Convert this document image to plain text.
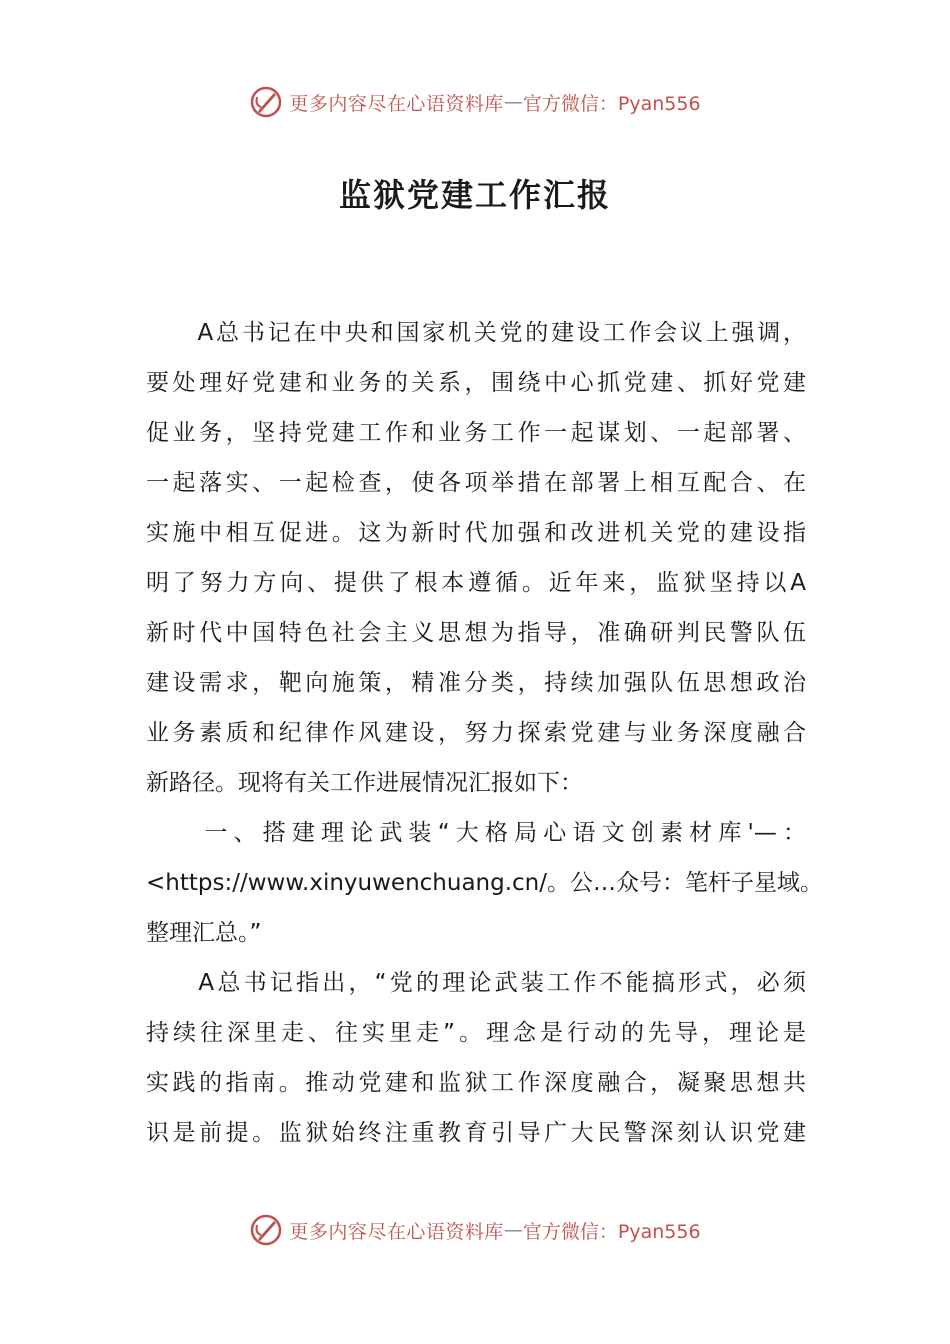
更多内容尽在心语资料库 — 官方微信：Pyan556
监狱党建工作汇报
　　A总书记在中央和国家机关党的建设工作会议上强调，
要处理好党建和业务的关系，围绕中心抓党建、抓好党建
促业务，坚持党建工作和业务工作一起谋划、一起部署、
一起落实、一起检查，使各项举措在部署上相互配合、在
实施中相互促进。这为新时代加强和改进机关党的建设指
明了努力方向、提供了根本遵循。近年来，监狱坚持以A
新时代中国特色社会主义思想为指导，准确研判民警队伍
建设需求，靶向施策，精准分类，持续加强队伍思想政治
业务素质和纪律作风建设，努力探索党建与业务深度融合
新路径。现将有关工作进展情况汇报如下：
　　一、搭建理论武装“大格局心语文创素材库'—：
<https://www.xinyuwenchuang.cn/。公…众号：笔杆子星域。
整理汇总。”
　　A总书记指出，“党的理论武装工作不能搞形式，必须
持续往深里走、往实里走”。理念是行动的先导，理论是
实践的指南。推动党建和监狱工作深度融合，凝聚思想共
识是前提。监狱始终注重教育引导广大民警深刻认识党建
更多内容尽在心语资料库 — 官方微信：Pyan556
